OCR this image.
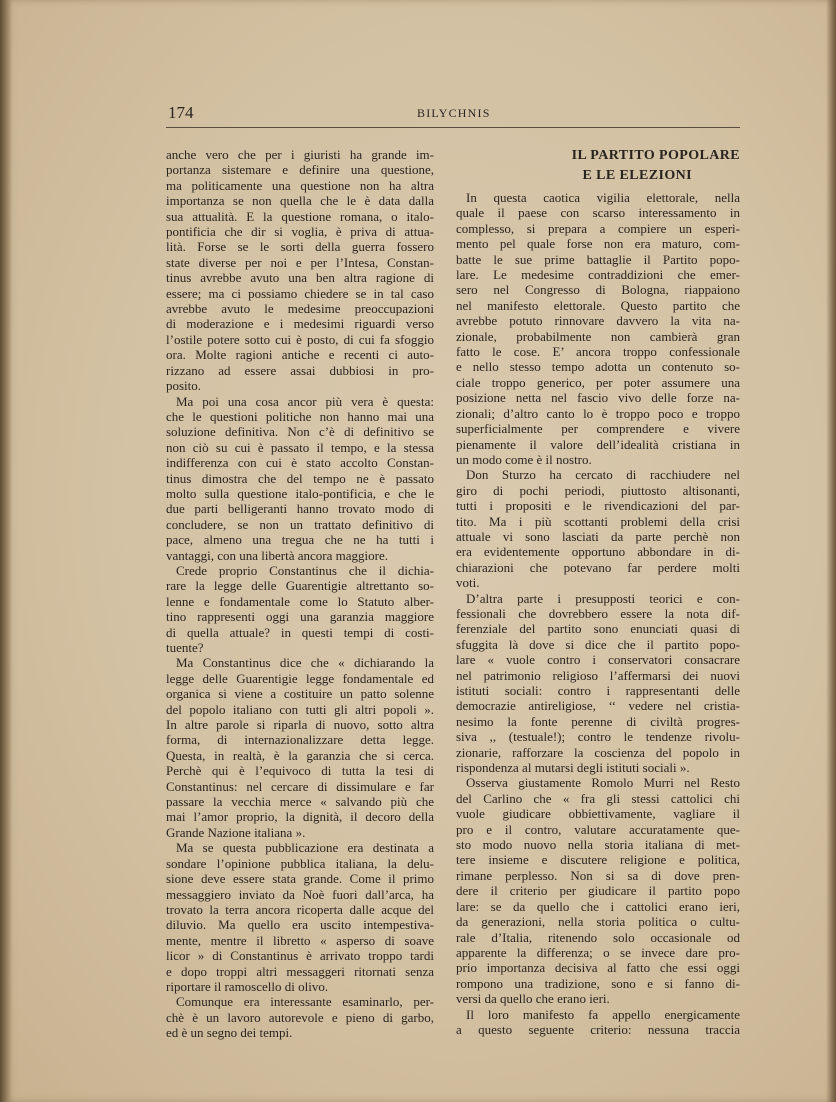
174	BILYCHNIS
anche vero che per i giuristi ha grande im-
portanza sistemare e definire una questione,
ma politicamente una questione non ha altra
importanza se non quella che le è data dalla
sua attualità. E la questione romana, o italo-
pontificia che dir si voglia, è priva di attua-
lità. Forse se le sorti della guerra fossero
state diverse per noi e per l’Intesa, Constan-
tinus avrebbe avuto una ben altra ragione di
essere; ma ci possiamo chiedere se in tal caso
avrebbe avuto le medesime preoccupazioni
di moderazione e i medesimi riguardi verso
l’ostile potere sotto cui è posto, di cui fa sfoggio
ora. Molte ragioni antiche e recenti ci auto-
rizzano ad essere assai dubbiosi in pro-
posito.
Ma poi una cosa ancor più vera è questa:
che le questioni politiche non hanno mai una
soluzione definitiva. Non c’è di definitivo se
non ciò su cui è passato il tempo, e la stessa
indifferenza con cui è stato accolto Constan-
tinus dimostra che del tempo ne è passato
molto sulla questione italo-pontificia, e che le
due parti belligeranti hanno trovato modo di
concludere, se non un trattato definitivo di
pace, almeno una tregua che ne ha tutti i
vantaggi, con una libertà ancora maggiore.
Crede proprio Constantinus che il dichia-
rare la legge delle Guarentigie altrettanto so-
lenne e fondamentale come lo Statuto alber-
tino rappresenti oggi una garanzia maggiore
di quella attuale? in questi tempi di costi-
tuente?
Ma Constantinus dice che « dichiarando la
legge delle Guarentigie legge fondamentale ed
organica si viene a costituire un patto solenne
del popolo italiano con tutti gli altri popoli ».
In altre parole si riparla di nuovo, sotto altra
forma, di internazionalizzare detta legge.
Questa, in realtà, è la garanzia che si cerca.
Perchè qui è l’equivoco di tutta la tesi di
Constantinus: nel cercare di dissimulare e far
passare la vecchia merce « salvando più che
mai l’amor proprio, la dignità, il decoro della
Grande Nazione italiana ».
Ma se questa pubblicazione era destinata a
sondare l’opinione pubblica italiana, la delu-
sione deve essere stata grande. Come il primo
messaggiero inviato da Noè fuori dall’arca, ha
trovato la terra ancora ricoperta dalle acque del
diluvio. Ma quello era uscito intempestiva-
mente, mentre il libretto « asperso di soave
licor » di Constantinus è arrivato troppo tardi
e dopo troppi altri messaggeri ritornati senza
riportare il ramoscello di olivo.
Comunque era interessante esaminarlo, per-
chè è un lavoro autorevole e pieno di garbo,
ed è un segno dei tempi.
IL PARTITO POPOLARE
E LE ELEZIONI
In questa caotica vigilia elettorale, nella
quale il paese con scarso interessamento in
complesso, si prepara a compiere un esperi-
mento pel quale forse non era maturo, com-
batte le sue prime battaglie il Partito popo-
lare. Le medesime contraddizioni che emer-
sero nel Congresso di Bologna, riappaiono
nel manifesto elettorale. Questo partito che
avrebbe potuto rinnovare davvero la vita na-
zionale, probabilmente non cambierà gran
fatto le cose. E’ ancora troppo confessionale
e nello stesso tempo adotta un contenuto so-
ciale troppo generico, per poter assumere una
posizione netta nel fascio vivo delle forze na-
zionali; d’altro canto lo è troppo poco e troppo
superficialmente per comprendere e vivere
pienamente il valore dell’idealità cristiana in
un modo come è il nostro.
Don Sturzo ha cercato di racchiudere nel
giro di pochi periodi, piuttosto altisonanti,
tutti i propositi e le rivendicazioni del par-
tito. Ma i più scottanti problemi della crisi
attuale vi sono lasciati da parte perchè non
era evidentemente opportuno abbondare in di-
chiarazioni che potevano far perdere molti
voti.
D’altra parte i presupposti teorici e con-
fessionali che dovrebbero essere la nota dif-
ferenziale del partito sono enunciati quasi di
sfuggita là dove si dice che il partito popo-
lare « vuole contro i conservatori consacrare
nel patrimonio religioso l’affermarsi dei nuovi
istituti sociali: contro i rappresentanti delle
democrazie antireligiose, ‘‘ vedere nel cristia-
nesimo la fonte perenne di civiltà progres-
siva ,, (testuale!); contro le tendenze rivolu-
zionarie, rafforzare la coscienza del popolo in
rispondenza al mutarsi degli istituti sociali ».
Osserva giustamente Romolo Murri nel Resto
del Carlino che « fra gli stessi cattolici chi
vuole giudicare obbiettivamente, vagliare il
pro e il contro, valutare accuratamente que-
sto modo nuovo nella storia italiana di met-
tere insieme e discutere religione e politica,
rimane perplesso. Non si sa di dove pren-
dere il criterio per giudicare il partito popo
lare: se da quello che i cattolici erano ieri,
da generazioni, nella storia politica o cultu-
rale d’Italia, ritenendo solo occasionale od
apparente la differenza; o se invece dare pro-
prio importanza decisiva al fatto che essi oggi
rompono una tradizione, sono e si fanno di-
versi da quello che erano ieri.
Il loro manifesto fa appello energicamente
a questo seguente criterio: nessuna traccia
